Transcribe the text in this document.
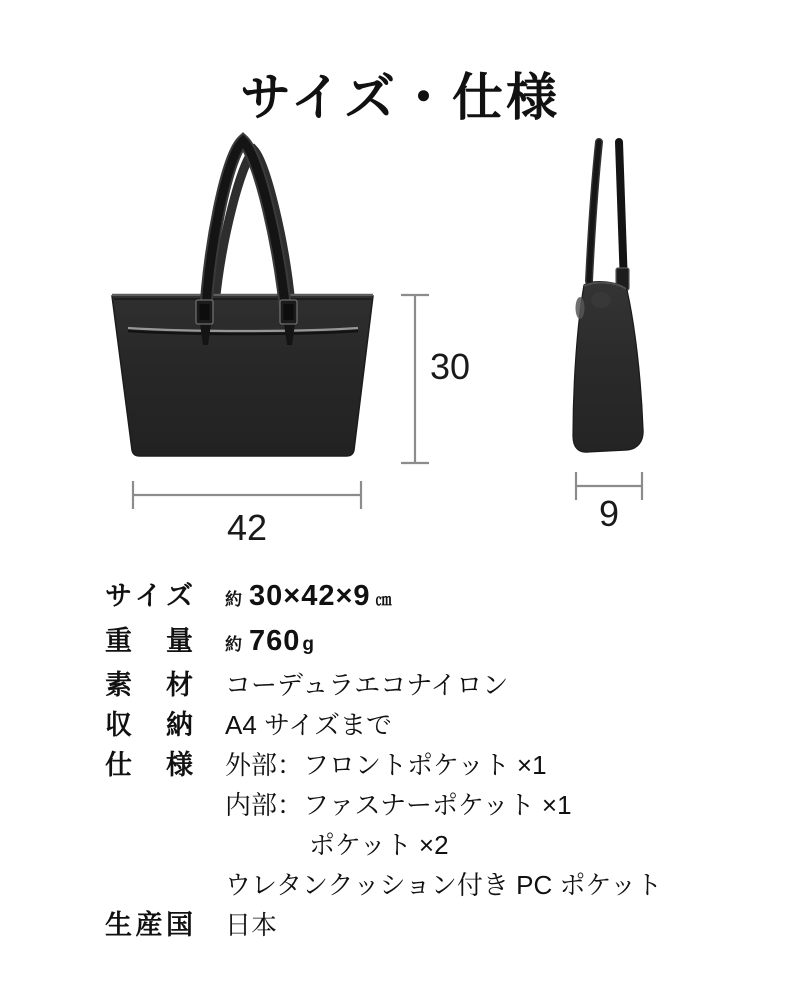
サイズ・仕様
30
42	9
サイズ 約 30×42×9 ㎝
重量 約 760 g
素材 コーデュラエコナイロン
収納 A4 サイズまで
仕様 外部：フロントポケット ×1
内部：ファスナーポケット ×1
ポケット ×2
ウレタンクッション付き PC ポケット
生産国 日本
